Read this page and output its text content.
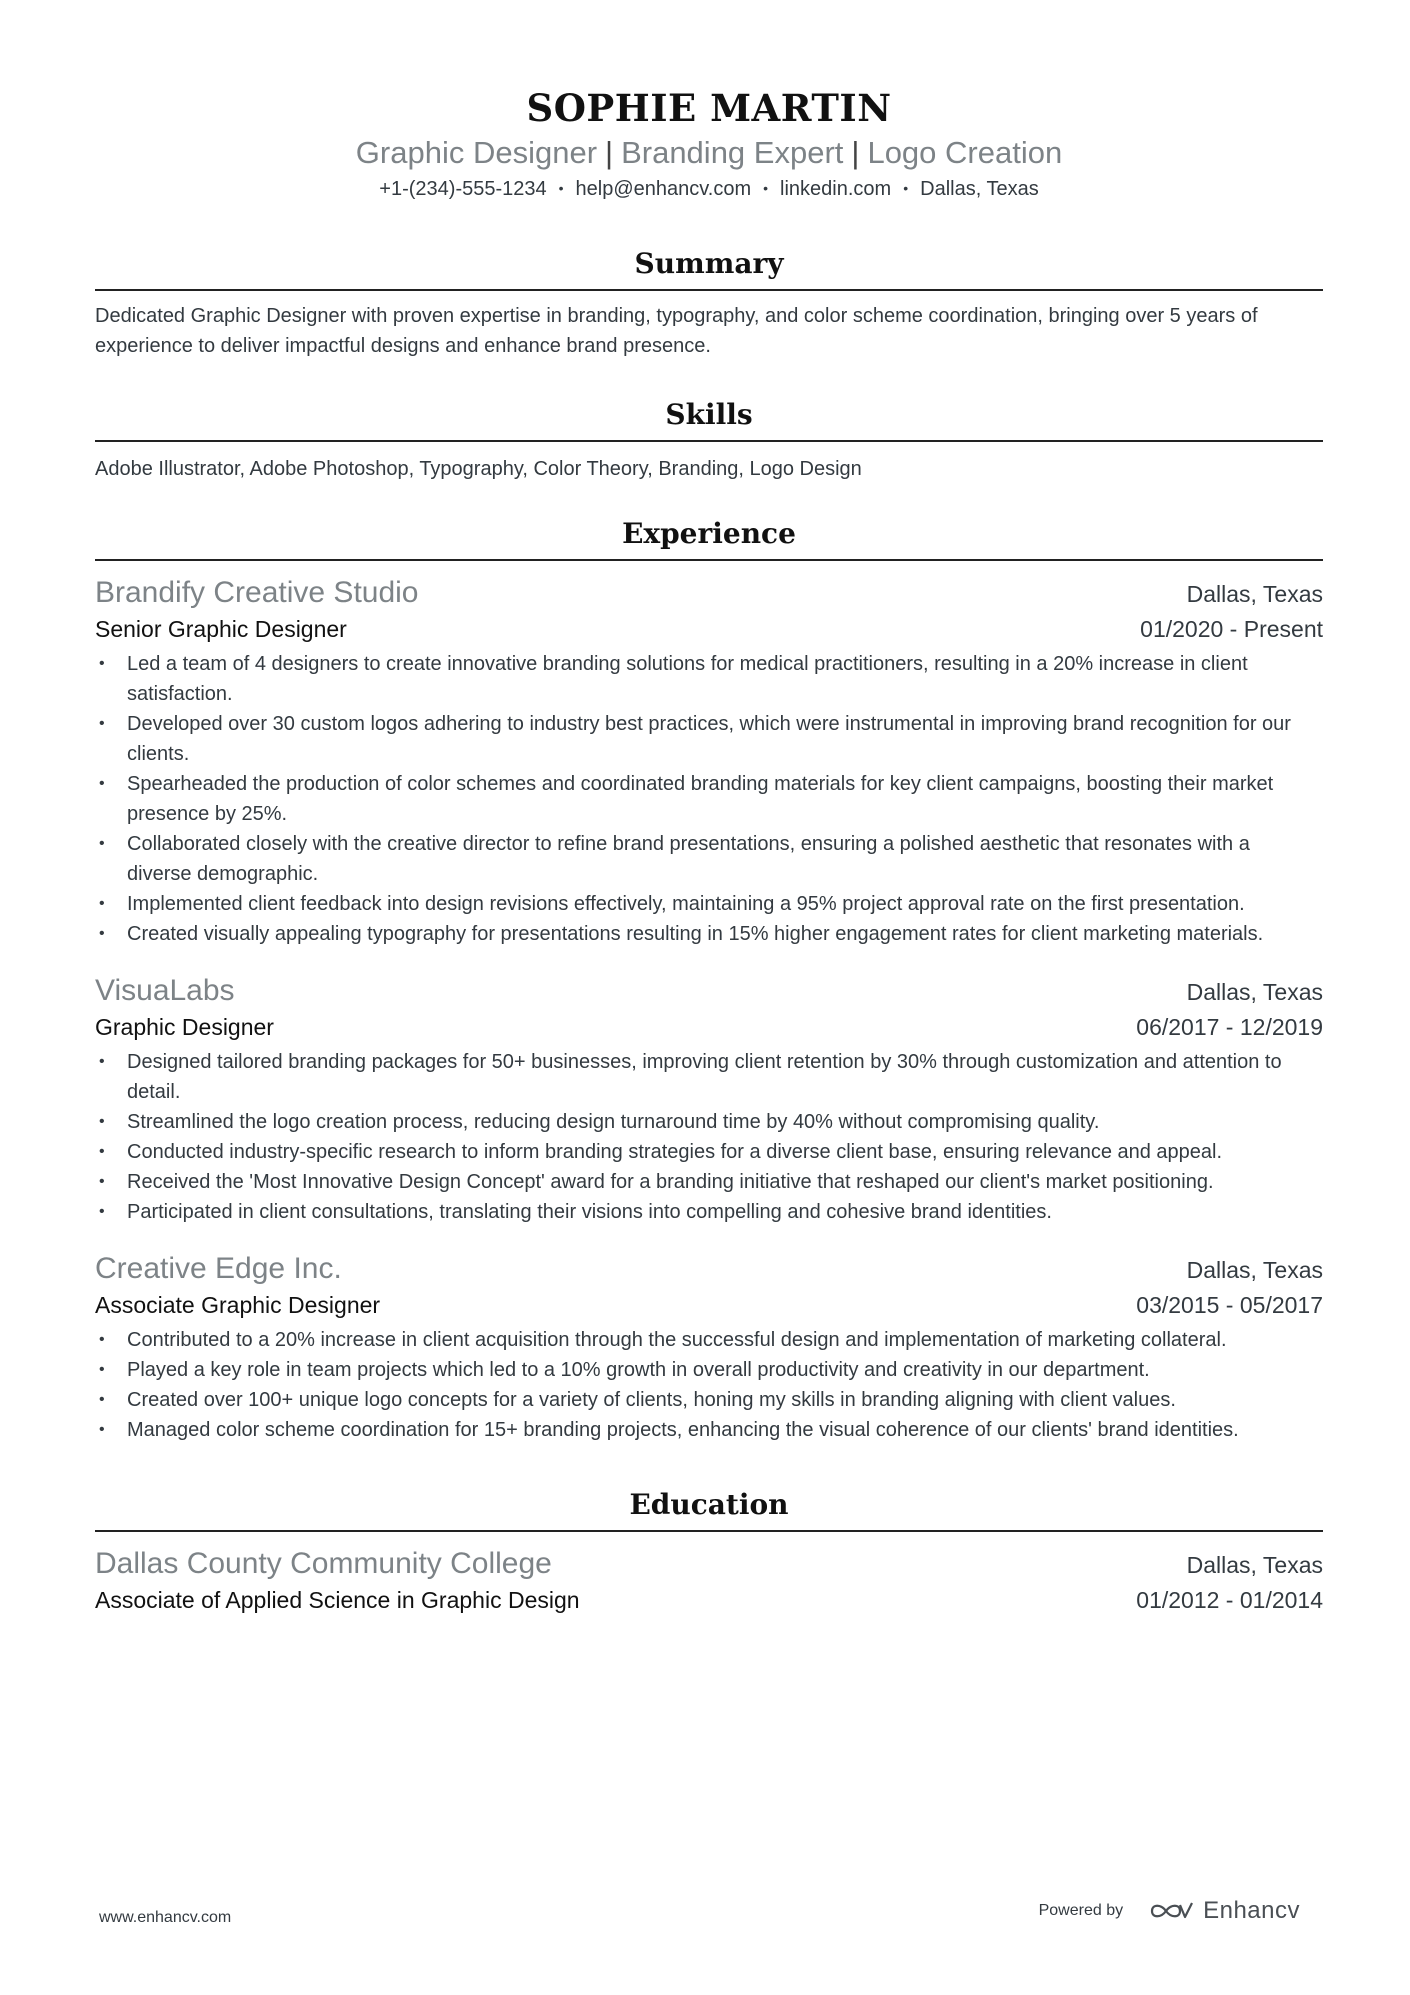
SOPHIE MARTIN
Graphic Designer | Branding Expert | Logo Creation
+1-(234)-555-1234 • help@enhancv.com • linkedin.com • Dallas, Texas
Summary
Dedicated Graphic Designer with proven expertise in branding, typography, and color scheme coordination, bringing over 5 years of experience to deliver impactful designs and enhance brand presence.
Skills
Adobe Illustrator, Adobe Photoshop, Typography, Color Theory, Branding, Logo Design
Experience
Brandify Creative Studio	Dallas, Texas
Senior Graphic Designer	01/2020 - Present
• Led a team of 4 designers to create innovative branding solutions for medical practitioners, resulting in a 20% increase in client satisfaction.
• Developed over 30 custom logos adhering to industry best practices, which were instrumental in improving brand recognition for our clients.
• Spearheaded the production of color schemes and coordinated branding materials for key client campaigns, boosting their market presence by 25%.
• Collaborated closely with the creative director to refine brand presentations, ensuring a polished aesthetic that resonates with a diverse demographic.
• Implemented client feedback into design revisions effectively, maintaining a 95% project approval rate on the first presentation.
• Created visually appealing typography for presentations resulting in 15% higher engagement rates for client marketing materials.
VisuaLabs	Dallas, Texas
Graphic Designer	06/2017 - 12/2019
• Designed tailored branding packages for 50+ businesses, improving client retention by 30% through customization and attention to detail.
• Streamlined the logo creation process, reducing design turnaround time by 40% without compromising quality.
• Conducted industry-specific research to inform branding strategies for a diverse client base, ensuring relevance and appeal.
• Received the 'Most Innovative Design Concept' award for a branding initiative that reshaped our client's market positioning.
• Participated in client consultations, translating their visions into compelling and cohesive brand identities.
Creative Edge Inc.	Dallas, Texas
Associate Graphic Designer	03/2015 - 05/2017
• Contributed to a 20% increase in client acquisition through the successful design and implementation of marketing collateral.
• Played a key role in team projects which led to a 10% growth in overall productivity and creativity in our department.
• Created over 100+ unique logo concepts for a variety of clients, honing my skills in branding aligning with client values.
• Managed color scheme coordination for 15+ branding projects, enhancing the visual coherence of our clients' brand identities.
Education
Dallas County Community College	Dallas, Texas
Associate of Applied Science in Graphic Design	01/2012 - 01/2014
www.enhancv.com	Powered by	Enhancv
